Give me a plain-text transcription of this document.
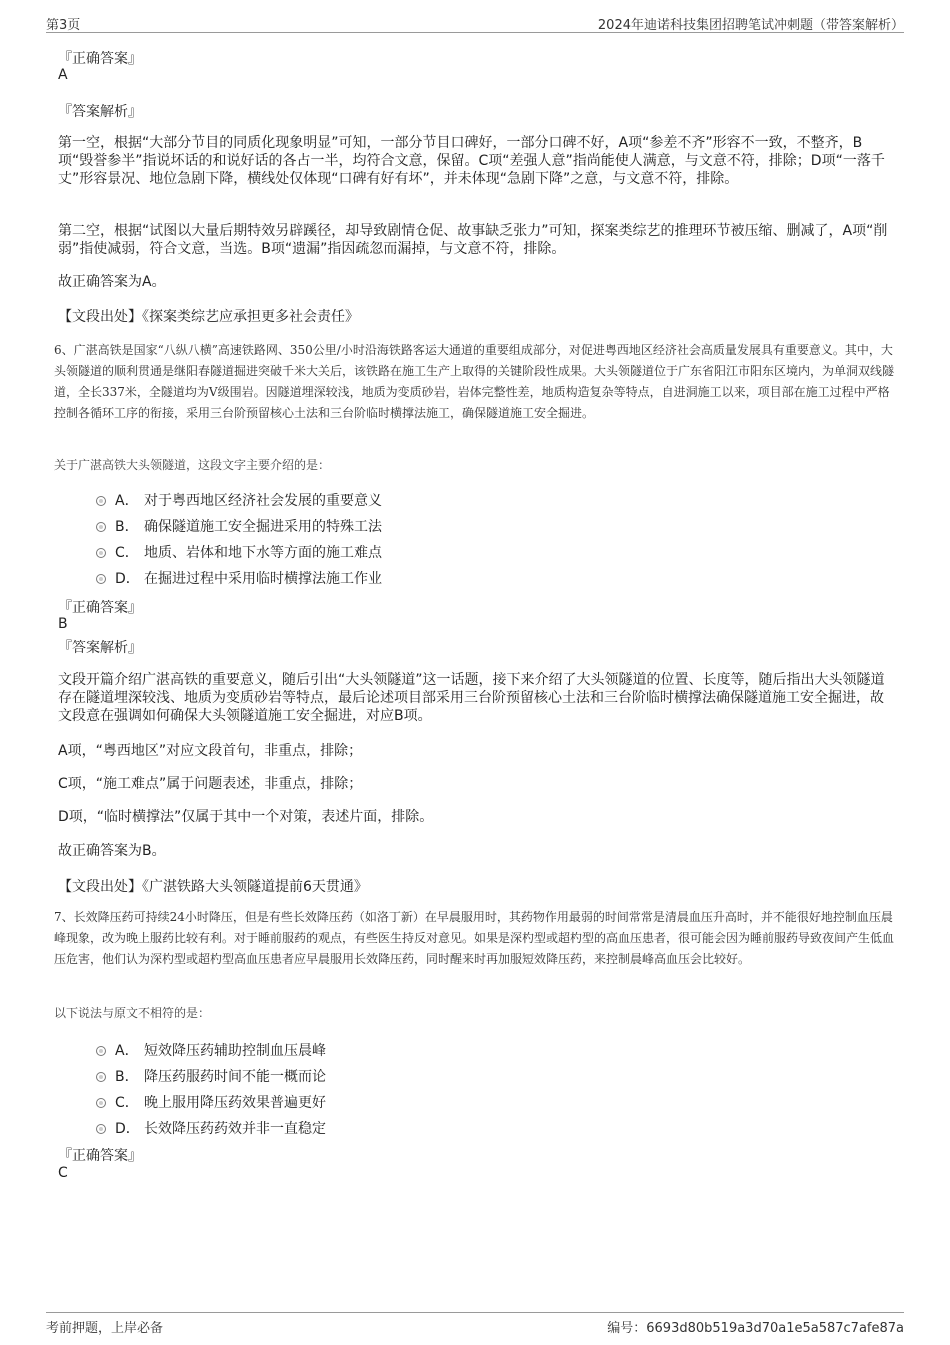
第3页	2024年迪诺科技集团招聘笔试冲刺题（带答案解析）
『正确答案』
A
『答案解析』

第一空，根据“大部分节目的同质化现象明显”可知，一部分节目口碑好，一部分口碑不好，A项“参差不齐”形容不一致，不整齐，B项“毁誉参半”指说坏话的和说好话的各占一半，均符合文意，保留。C项“差强人意”指尚能使人满意，与文意不符，排除；D项“一落千丈”形容景况、地位急剧下降，横线处仅体现“口碑有好有坏”，并未体现“急剧下降”之意，与文意不符，排除。

第二空，根据“试图以大量后期特效另辟蹊径，却导致剧情仓促、故事缺乏张力”可知，探案类综艺的推理环节被压缩、删减了，A项“削弱”指使减弱，符合文意，当选。B项“遗漏”指因疏忽而漏掉，与文意不符，排除。

故正确答案为A。

【文段出处】《探案类综艺应承担更多社会责任》

6、广湛高铁是国家“八纵八横”高速铁路网、350公里/小时沿海铁路客运大通道的重要组成部分，对促进粤西地区经济社会高质量发展具有重要意义。其中，大头领隧道的顺利贯通是继阳春隧道掘进突破千米大关后，该铁路在施工生产上取得的关键阶段性成果。大头领隧道位于广东省阳江市阳东区境内，为单洞双线隧道，全长337米，全隧道均为V级围岩。因隧道埋深较浅，地质为变质砂岩，岩体完整性差，地质构造复杂等特点，自进洞施工以来，项目部在施工过程中严格控制各循环工序的衔接，采用三台阶预留核心土法和三台阶临时横撑法施工，确保隧道施工安全掘进。

关于广湛高铁大头领隧道，这段文字主要介绍的是：
A． 对于粤西地区经济社会发展的重要意义
B． 确保隧道施工安全掘进采用的特殊工法
C． 地质、岩体和地下水等方面的施工难点
D． 在掘进过程中采用临时横撑法施工作业
『正确答案』
B
『答案解析』

文段开篇介绍广湛高铁的重要意义，随后引出“大头领隧道”这一话题，接下来介绍了大头领隧道的位置、长度等，随后指出大头领隧道存在隧道埋深较浅、地质为变质砂岩等特点，最后论述项目部采用三台阶预留核心土法和三台阶临时横撑法确保隧道施工安全掘进，故文段意在强调如何确保大头领隧道施工安全掘进，对应B项。

A项，“粤西地区”对应文段首句，非重点，排除；

C项，“施工难点”属于问题表述，非重点，排除；

D项，“临时横撑法”仅属于其中一个对策，表述片面，排除。

故正确答案为B。

【文段出处】《广湛铁路大头领隧道提前6天贯通》

7、长效降压药可持续24小时降压，但是有些长效降压药（如洛丁新）在早晨服用时，其药物作用最弱的时间常常是清晨血压升高时，并不能很好地控制血压晨峰现象，改为晚上服药比较有利。对于睡前服药的观点，有些医生持反对意见。如果是深杓型或超杓型的高血压患者，很可能会因为睡前服药导致夜间产生低血压危害，他们认为深杓型或超杓型高血压患者应早晨服用长效降压药，同时醒来时再加服短效降压药，来控制晨峰高血压会比较好。

以下说法与原文不相符的是：
A． 短效降压药辅助控制血压晨峰
B． 降压药服药时间不能一概而论
C． 晚上服用降压药效果普遍更好
D． 长效降压药药效并非一直稳定
『正确答案』
C
考前押题，上岸必备	编号：6693d80b519a3d70a1e5a587c7afe87a
